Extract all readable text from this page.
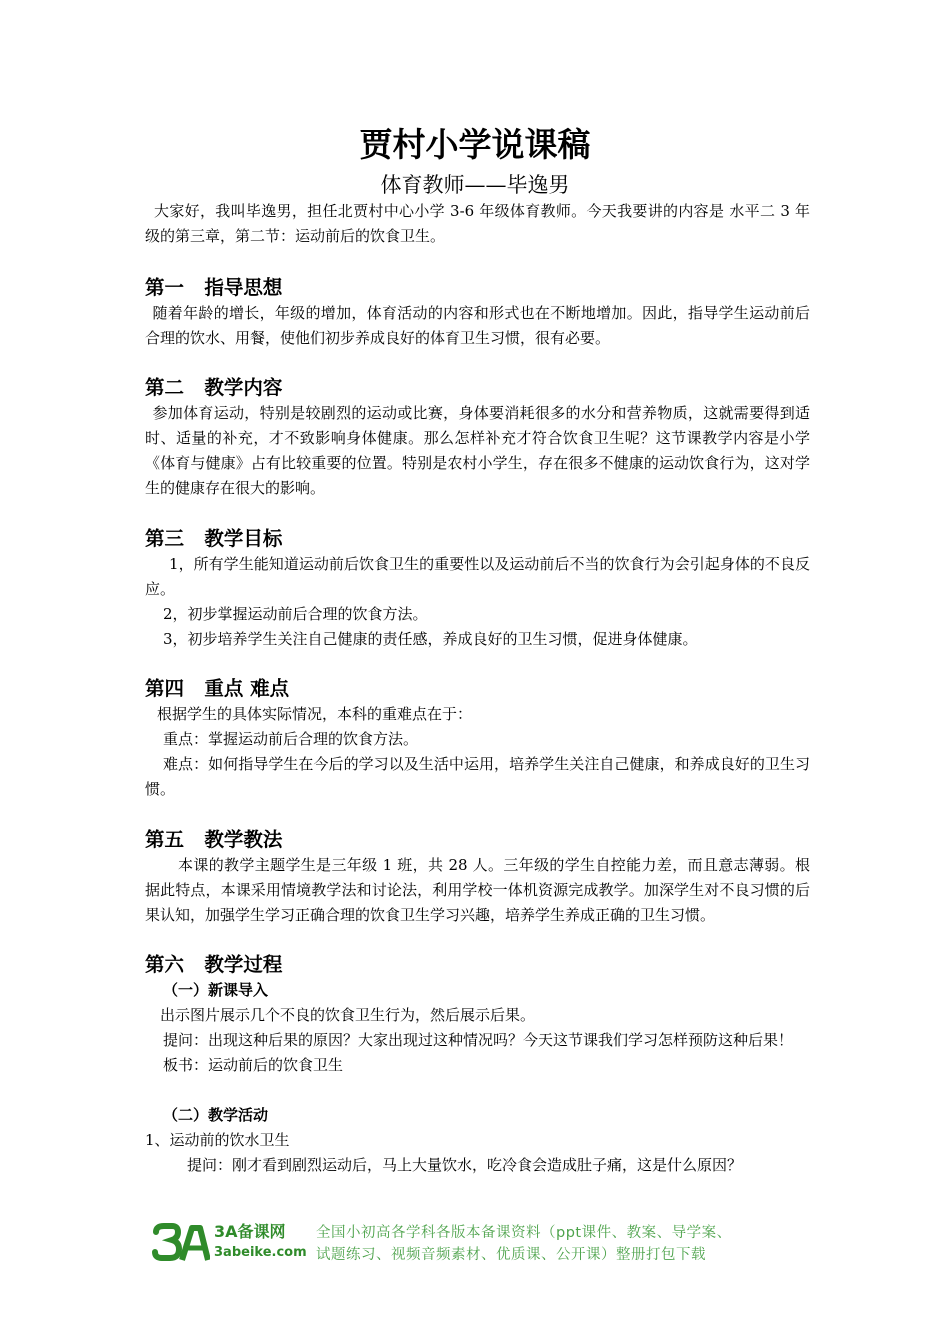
贾村小学说课稿
体育教师——毕逸男

大家好，我叫毕逸男，担任北贾村中心小学 3-6 年级体育教师。今天我要讲的内容是 水平二 3 年级的第三章，第二节：运动前后的饮食卫生。

第一   指导思想

随着年龄的增长，年级的增加，体育活动的内容和形式也在不断地增加。因此，指导学生运动前后合理的饮水、用餐，使他们初步养成良好的体育卫生习惯，很有必要。

第二   教学内容

参加体育运动，特别是较剧烈的运动或比赛，身体要消耗很多的水分和营养物质，这就需要得到适时、适量的补充，才不致影响身体健康。那么怎样补充才符合饮食卫生呢？这节课教学内容是小学《体育与健康》占有比较重要的位置。特别是农村小学生，存在很多不健康的运动饮食行为，这对学生的健康存在很大的影响。

第三   教学目标

1，所有学生能知道运动前后饮食卫生的重要性以及运动前后不当的饮食行为会引起身体的不良反应。

2，初步掌握运动前后合理的饮食方法。

3，初步培养学生关注自己健康的责任感，养成良好的卫生习惯，促进身体健康。

第四   重点 难点

根据学生的具体实际情况，本科的重难点在于：

重点：掌握运动前后合理的饮食方法。

难点：如何指导学生在今后的学习以及生活中运用，培养学生关注自己健康，和养成良好的卫生习惯。

第五   教学教法

本课的教学主题学生是三年级 1 班，共 28 人。三年级的学生自控能力差，而且意志薄弱。根据此特点，本课采用情境教学法和讨论法，利用学校一体机资源完成教学。加深学生对不良习惯的后果认知，加强学生学习正确合理的饮食卫生学习兴趣，培养学生养成正确的卫生习惯。

第六   教学过程

（一）新课导入

出示图片展示几个不良的饮食卫生行为，然后展示后果。

提问：出现这种后果的原因？大家出现过这种情况吗？今天这节课我们学习怎样预防这种后果！

板书：运动前后的饮食卫生

（二）教学活动

1、运动前的饮水卫生

提问：刚才看到剧烈运动后，马上大量饮水，吃冷食会造成肚子痛，这是什么原因？

3A备课网
3abeike.com
全国小初高各学科各版本备课资料（ppt课件、教案、导学案、
试题练习、视频音频素材、优质课、公开课）整册打包下载
